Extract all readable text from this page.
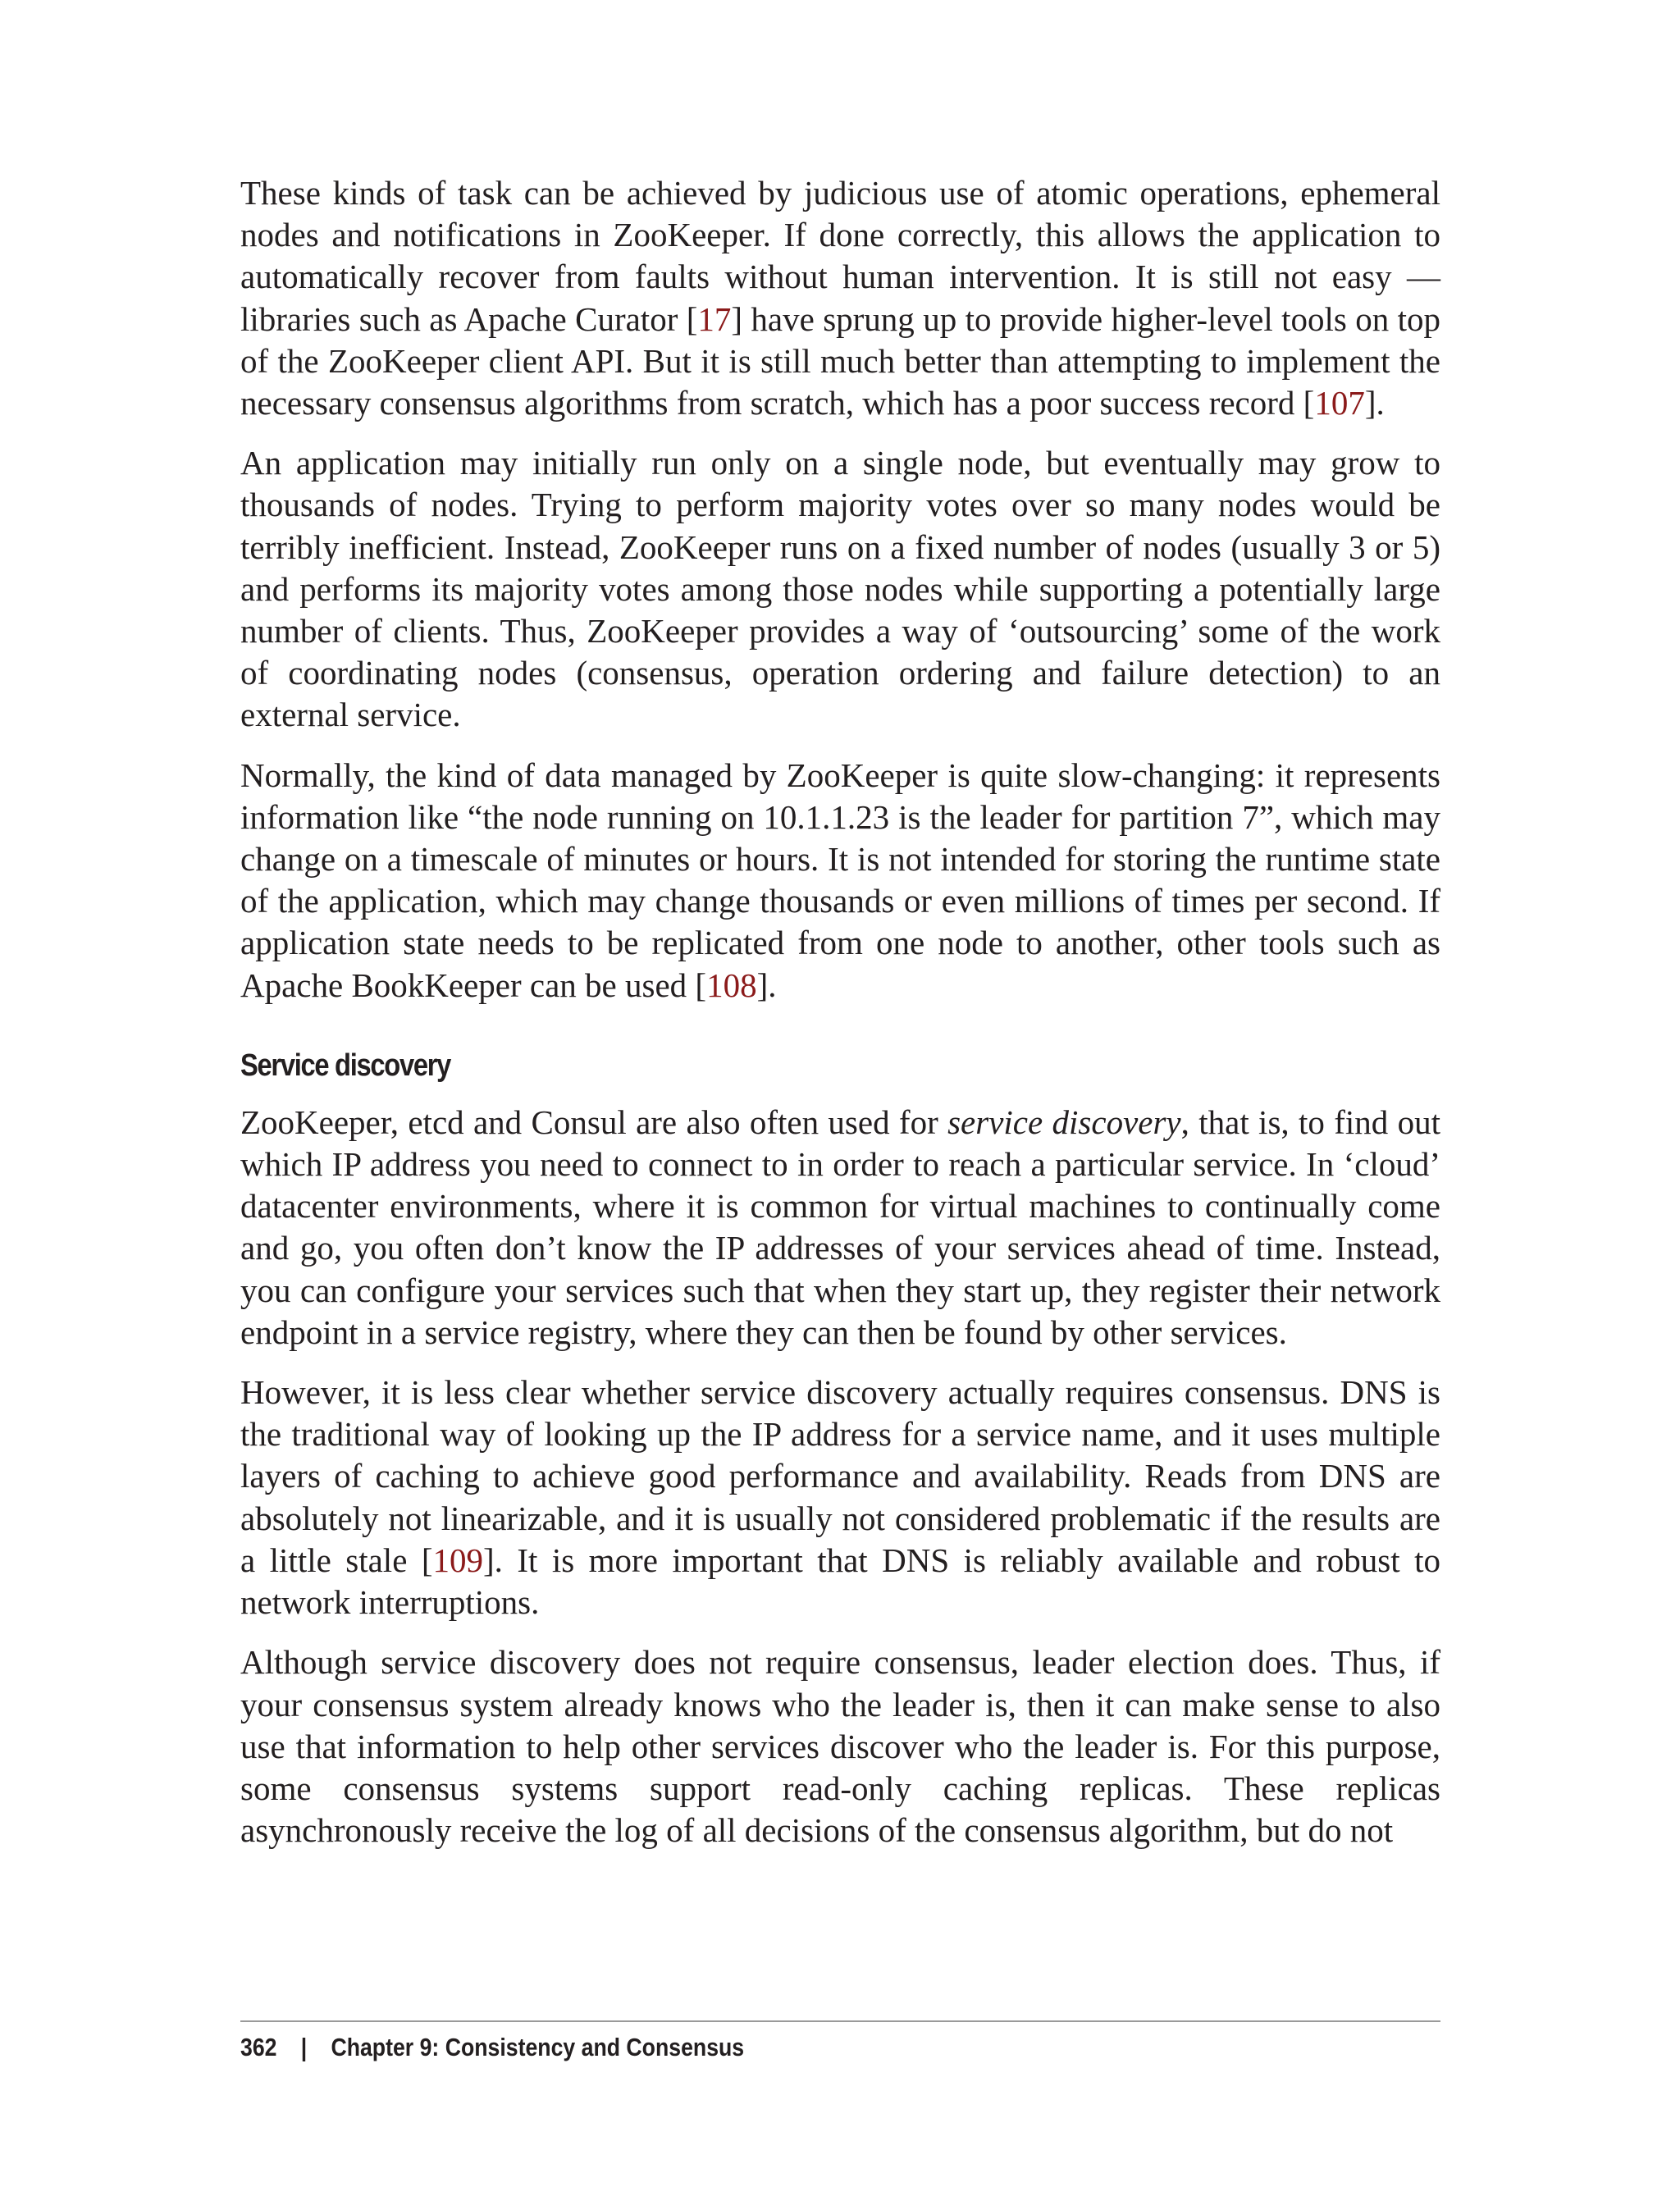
These kinds of task can be achieved by judicious use of atomic operations, ephemeral nodes and notifications in ZooKeeper. If done correctly, this allows the application to automatically recover from faults without human intervention. It is still not easy — libraries such as Apache Curator [17] have sprung up to provide higher-level tools on top of the ZooKeeper client API. But it is still much better than attempting to implement the necessary consensus algorithms from scratch, which has a poor success record [107].

An application may initially run only on a single node, but eventually may grow to thousands of nodes. Trying to perform majority votes over so many nodes would be terribly inefficient. Instead, ZooKeeper runs on a fixed number of nodes (usually 3 or 5) and performs its majority votes among those nodes while supporting a potentially large number of clients. Thus, ZooKeeper provides a way of ‘outsourcing’ some of the work of coordinating nodes (consensus, operation ordering and failure detection) to an external service.

Normally, the kind of data managed by ZooKeeper is quite slow-changing: it represents information like “the node running on 10.1.1.23 is the leader for partition 7”, which may change on a timescale of minutes or hours. It is not intended for storing the runtime state of the application, which may change thousands or even millions of times per second. If application state needs to be replicated from one node to another, other tools such as Apache BookKeeper can be used [108].

Service discovery

ZooKeeper, etcd and Consul are also often used for service discovery, that is, to find out which IP address you need to connect to in order to reach a particular service. In ‘cloud’ datacenter environments, where it is common for virtual machines to continually come and go, you often don’t know the IP addresses of your services ahead of time. Instead, you can configure your services such that when they start up, they register their network endpoint in a service registry, where they can then be found by other services.

However, it is less clear whether service discovery actually requires consensus. DNS is the traditional way of looking up the IP address for a service name, and it uses multiple layers of caching to achieve good performance and availability. Reads from DNS are absolutely not linearizable, and it is usually not considered problematic if the results are a little stale [109]. It is more important that DNS is reliably available and robust to network interruptions.

Although service discovery does not require consensus, leader election does. Thus, if your consensus system already knows who the leader is, then it can make sense to also use that information to help other services discover who the leader is. For this purpose, some consensus systems support read-only caching replicas. These replicas asynchronously receive the log of all decisions of the consensus algorithm, but do not

362 | Chapter 9: Consistency and Consensus
